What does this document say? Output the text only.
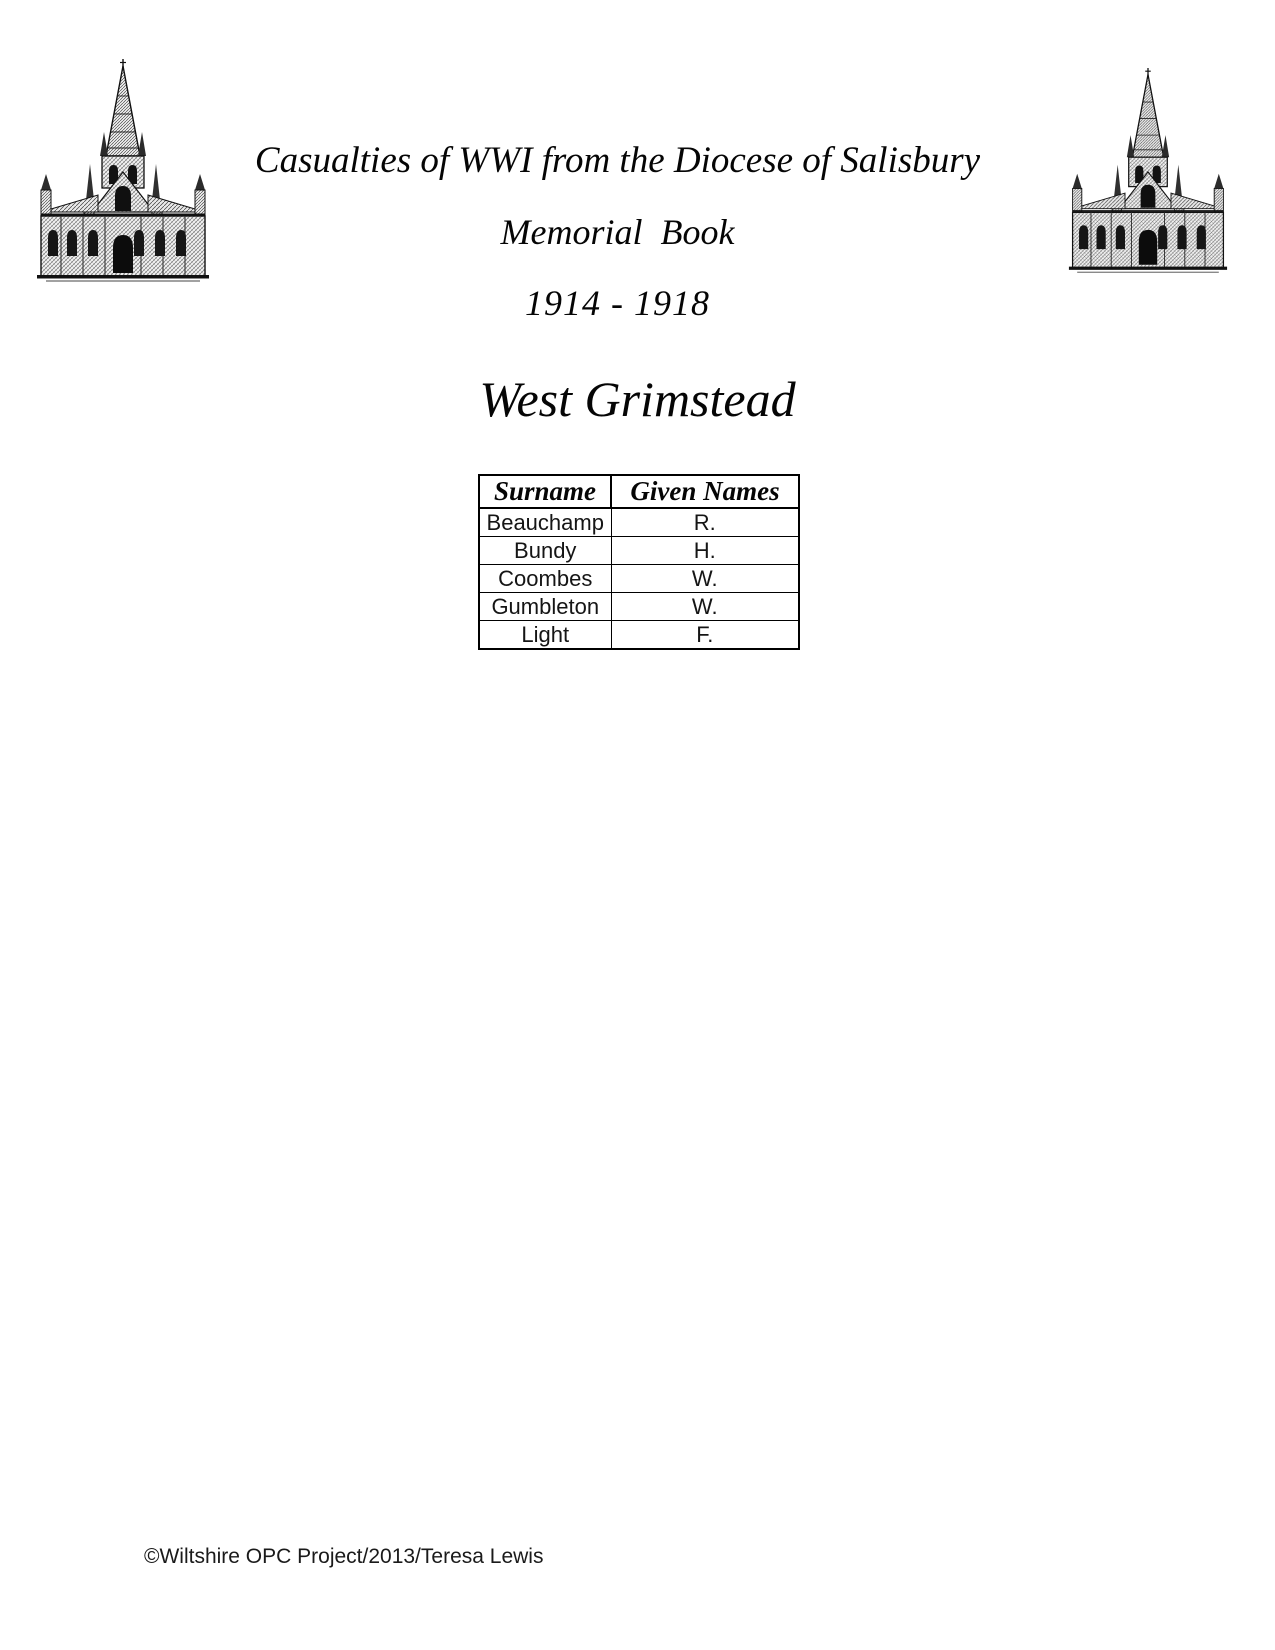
Casualties of WWI from the Diocese of Salisbury
Memorial  Book
1914 - 1918
West Grimstead
Surname	Given Names
Beauchamp	R.
Bundy	H.
Coombes	W.
Gumbleton	W.
Light	F.
©Wiltshire OPC Project/2013/Teresa Lewis
